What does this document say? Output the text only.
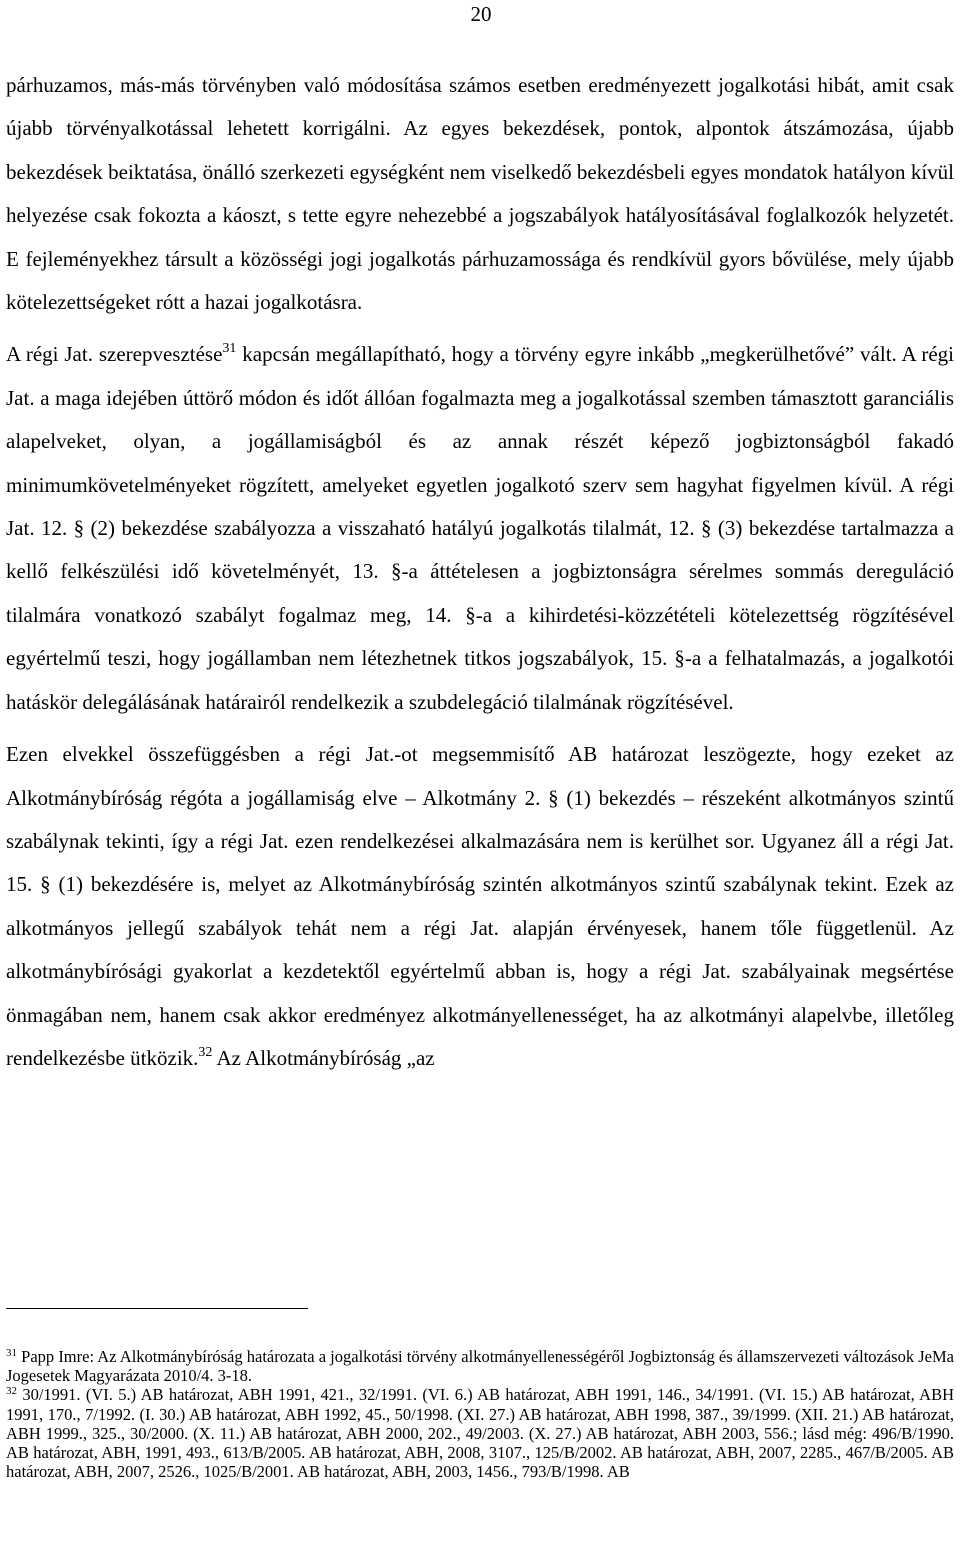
20

párhuzamos, más-más törvényben való módosítása számos esetben eredményezett jogalkotási hibát, amit csak újabb törvényalkotással lehetett korrigálni. Az egyes bekezdések, pontok, alpontok átszámozása, újabb bekezdések beiktatása, önálló szerkezeti egységként nem viselkedő bekezdésbeli egyes mondatok hatályon kívül helyezése csak fokozta a káoszt, s tette egyre nehezebbé a jogszabályok hatályosításával foglalkozók helyzetét. E fejleményekhez társult a közösségi jogi jogalkotás párhuzamossága és rendkívül gyors bővülése, mely újabb kötelezettségeket rótt a hazai jogalkotásra.

A régi Jat. szerepvesztése$^{31}$ kapcsán megállapítható, hogy a törvény egyre inkább „megkerülhetővé” vált. A régi Jat. a maga idejében úttörő módon és időt állóan fogalmazta meg a jogalkotással szemben támasztott garanciális alapelveket, olyan, a jogállamiságból és az annak részét képező jogbiztonságból fakadó minimumkövetelményeket rögzített, amelyeket egyetlen jogalkotó szerv sem hagyhat figyelmen kívül. A régi Jat. 12. § (2) bekezdése szabályozza a visszaható hatályú jogalkotás tilalmát, 12. § (3) bekezdése tartalmazza a kellő felkészülési idő követelményét, 13. §-a áttételesen a jogbiztonságra sérelmes sommás dereguláció tilalmára vonatkozó szabályt fogalmaz meg, 14. §-a a kihirdetési-közzétételi kötelezettség rögzítésével egyértelmű teszi, hogy jogállamban nem létezhetnek titkos jogszabályok, 15. §-a a felhatalmazás, a jogalkotói hatáskör delegálásának határairól rendelkezik a szubdelegáció tilalmának rögzítésével.

Ezen elvekkel összefüggésben a régi Jat.-ot megsemmisítő AB határozat leszögezte, hogy ezeket az Alkotmánybíróság régóta a jogállamiság elve – Alkotmány 2. § (1) bekezdés – részeként alkotmányos szintű szabálynak tekinti, így a régi Jat. ezen rendelkezései alkalmazására nem is kerülhet sor. Ugyanez áll a régi Jat. 15. § (1) bekezdésére is, melyet az Alkotmánybíróság szintén alkotmányos szintű szabálynak tekint. Ezek az alkotmányos jellegű szabályok tehát nem a régi Jat. alapján érvényesek, hanem tőle függetlenül. Az alkotmánybírósági gyakorlat a kezdetektől egyértelmű abban is, hogy a régi Jat. szabályainak megsértése önmagában nem, hanem csak akkor eredményez alkotmányellenességet, ha az alkotmányi alapelvbe, illetőleg rendelkezésbe ütközik.$^{32}$ Az Alkotmánybíróság „az

$^{31}$ Papp Imre: Az Alkotmánybíróság határozata a jogalkotási törvény alkotmányellenességéről Jogbiztonság és államszervezeti változások JeMa Jogesetek Magyarázata 2010/4. 3-18.

$^{32}$ 30/1991. (VI. 5.) AB határozat, ABH 1991, 421., 32/1991. (VI. 6.) AB határozat, ABH 1991, 146., 34/1991. (VI. 15.) AB határozat, ABH 1991, 170., 7/1992. (I. 30.) AB határozat, ABH 1992, 45., 50/1998. (XI. 27.) AB határozat, ABH 1998, 387., 39/1999. (XII. 21.) AB határozat, ABH 1999., 325., 30/2000. (X. 11.) AB határozat, ABH 2000, 202., 49/2003. (X. 27.) AB határozat, ABH 2003, 556.; lásd még: 496/B/1990. AB határozat, ABH, 1991, 493., 613/B/2005. AB határozat, ABH, 2008, 3107., 125/B/2002. AB határozat, ABH, 2007, 2285., 467/B/2005. AB határozat, ABH, 2007, 2526., 1025/B/2001. AB határozat, ABH, 2003, 1456., 793/B/1998. AB
